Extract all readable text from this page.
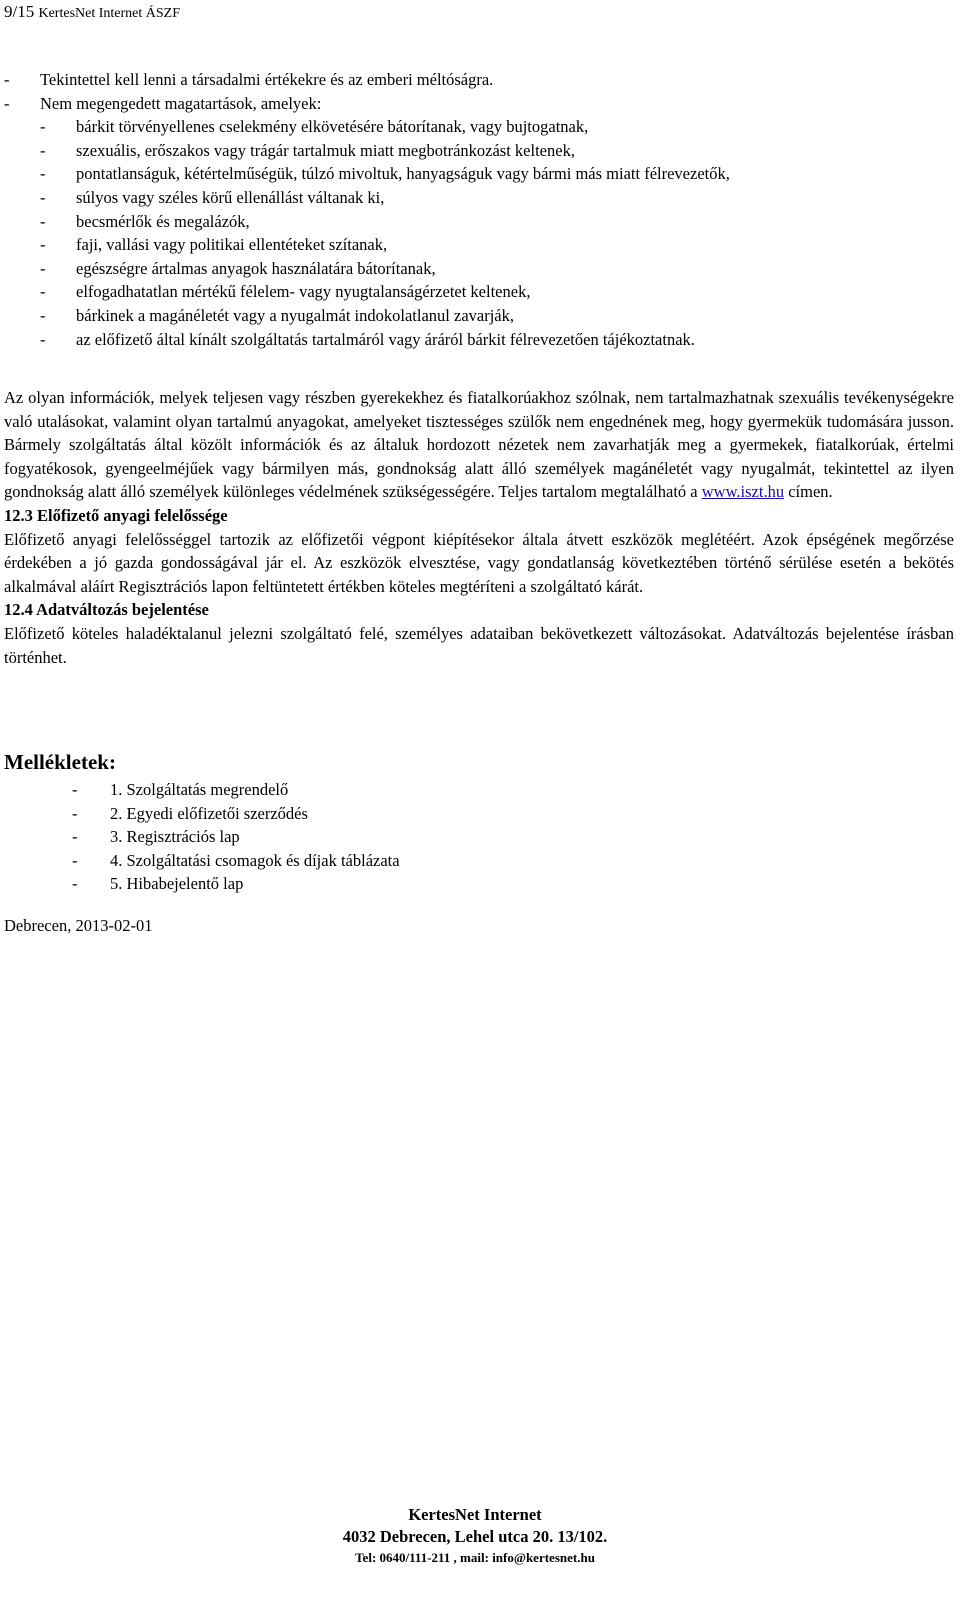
9/15 KertesNet Internet ÁSZF
- Tekintettel kell lenni a társadalmi értékekre és az emberi méltóságra.
- Nem megengedett magatartások, amelyek:
- bárkit törvényellenes cselekmény elkövetésére bátorítanak, vagy bujtogatnak,
- szexuális, erőszakos vagy trágár tartalmuk miatt megbotránkozást keltenek,
- pontatlanságuk, kétértelműségük, túlzó mivoltuk, hanyagságuk vagy bármi más miatt félrevezetők,
- súlyos vagy széles körű ellenállást váltanak ki,
- becsmérlők és megalázók,
- faji, vallási vagy politikai ellentéteket szítanak,
- egészségre ártalmas anyagok használatára bátorítanak,
- elfogadhatatlan mértékű félelem- vagy nyugtalanságérzetet keltenek,
- bárkinek a magánéletét vagy a nyugalmát indokolatlanul zavarják,
- az előfizető által kínált szolgáltatás tartalmáról vagy áráról bárkit félrevezetően tájékoztatnak.

Az olyan információk, melyek teljesen vagy részben gyerekekhez és fiatalkorúakhoz szólnak, nem tartalmazhatnak szexuális tevékenységekre való utalásokat, valamint olyan tartalmú anyagokat, amelyeket tisztességes szülők nem engednének meg, hogy gyermekük tudomására jusson. Bármely szolgáltatás által közölt információk és az általuk hordozott nézetek nem zavarhatják meg a gyermekek, fiatalkorúak, értelmi fogyatékosok, gyengeelméjűek vagy bármilyen más, gondnokság alatt álló személyek magánéletét vagy nyugalmát, tekintettel az ilyen gondnokság alatt álló személyek különleges védelmének szükségességére. Teljes tartalom megtalálható a www.iszt.hu címen.

12.3 Előfizető anyagi felelőssége

Előfizető anyagi felelősséggel tartozik az előfizetői végpont kiépítésekor általa átvett eszközök meglétéért. Azok épségének megőrzése érdekében a jó gazda gondosságával jár el. Az eszközök elvesztése, vagy gondatlanság következtében történő sérülése esetén a bekötés alkalmával aláírt Regisztrációs lapon feltüntetett értékben köteles megtéríteni a szolgáltató kárát.

12.4 Adatváltozás bejelentése

Előfizető köteles haladéktalanul jelezni szolgáltató felé, személyes adataiban bekövetkezett változásokat. Adatváltozás bejelentése írásban történhet.

Mellékletek:
- 1. Szolgáltatás megrendelő
- 2. Egyedi előfizetői szerződés
- 3. Regisztrációs lap
- 4. Szolgáltatási csomagok és díjak táblázata
- 5. Hibabejelentő lap
Debrecen, 2013-02-01
KertesNet Internet
4032 Debrecen, Lehel utca 20. 13/102.
Tel: 0640/111-211 , mail: info@kertesnet.hu
